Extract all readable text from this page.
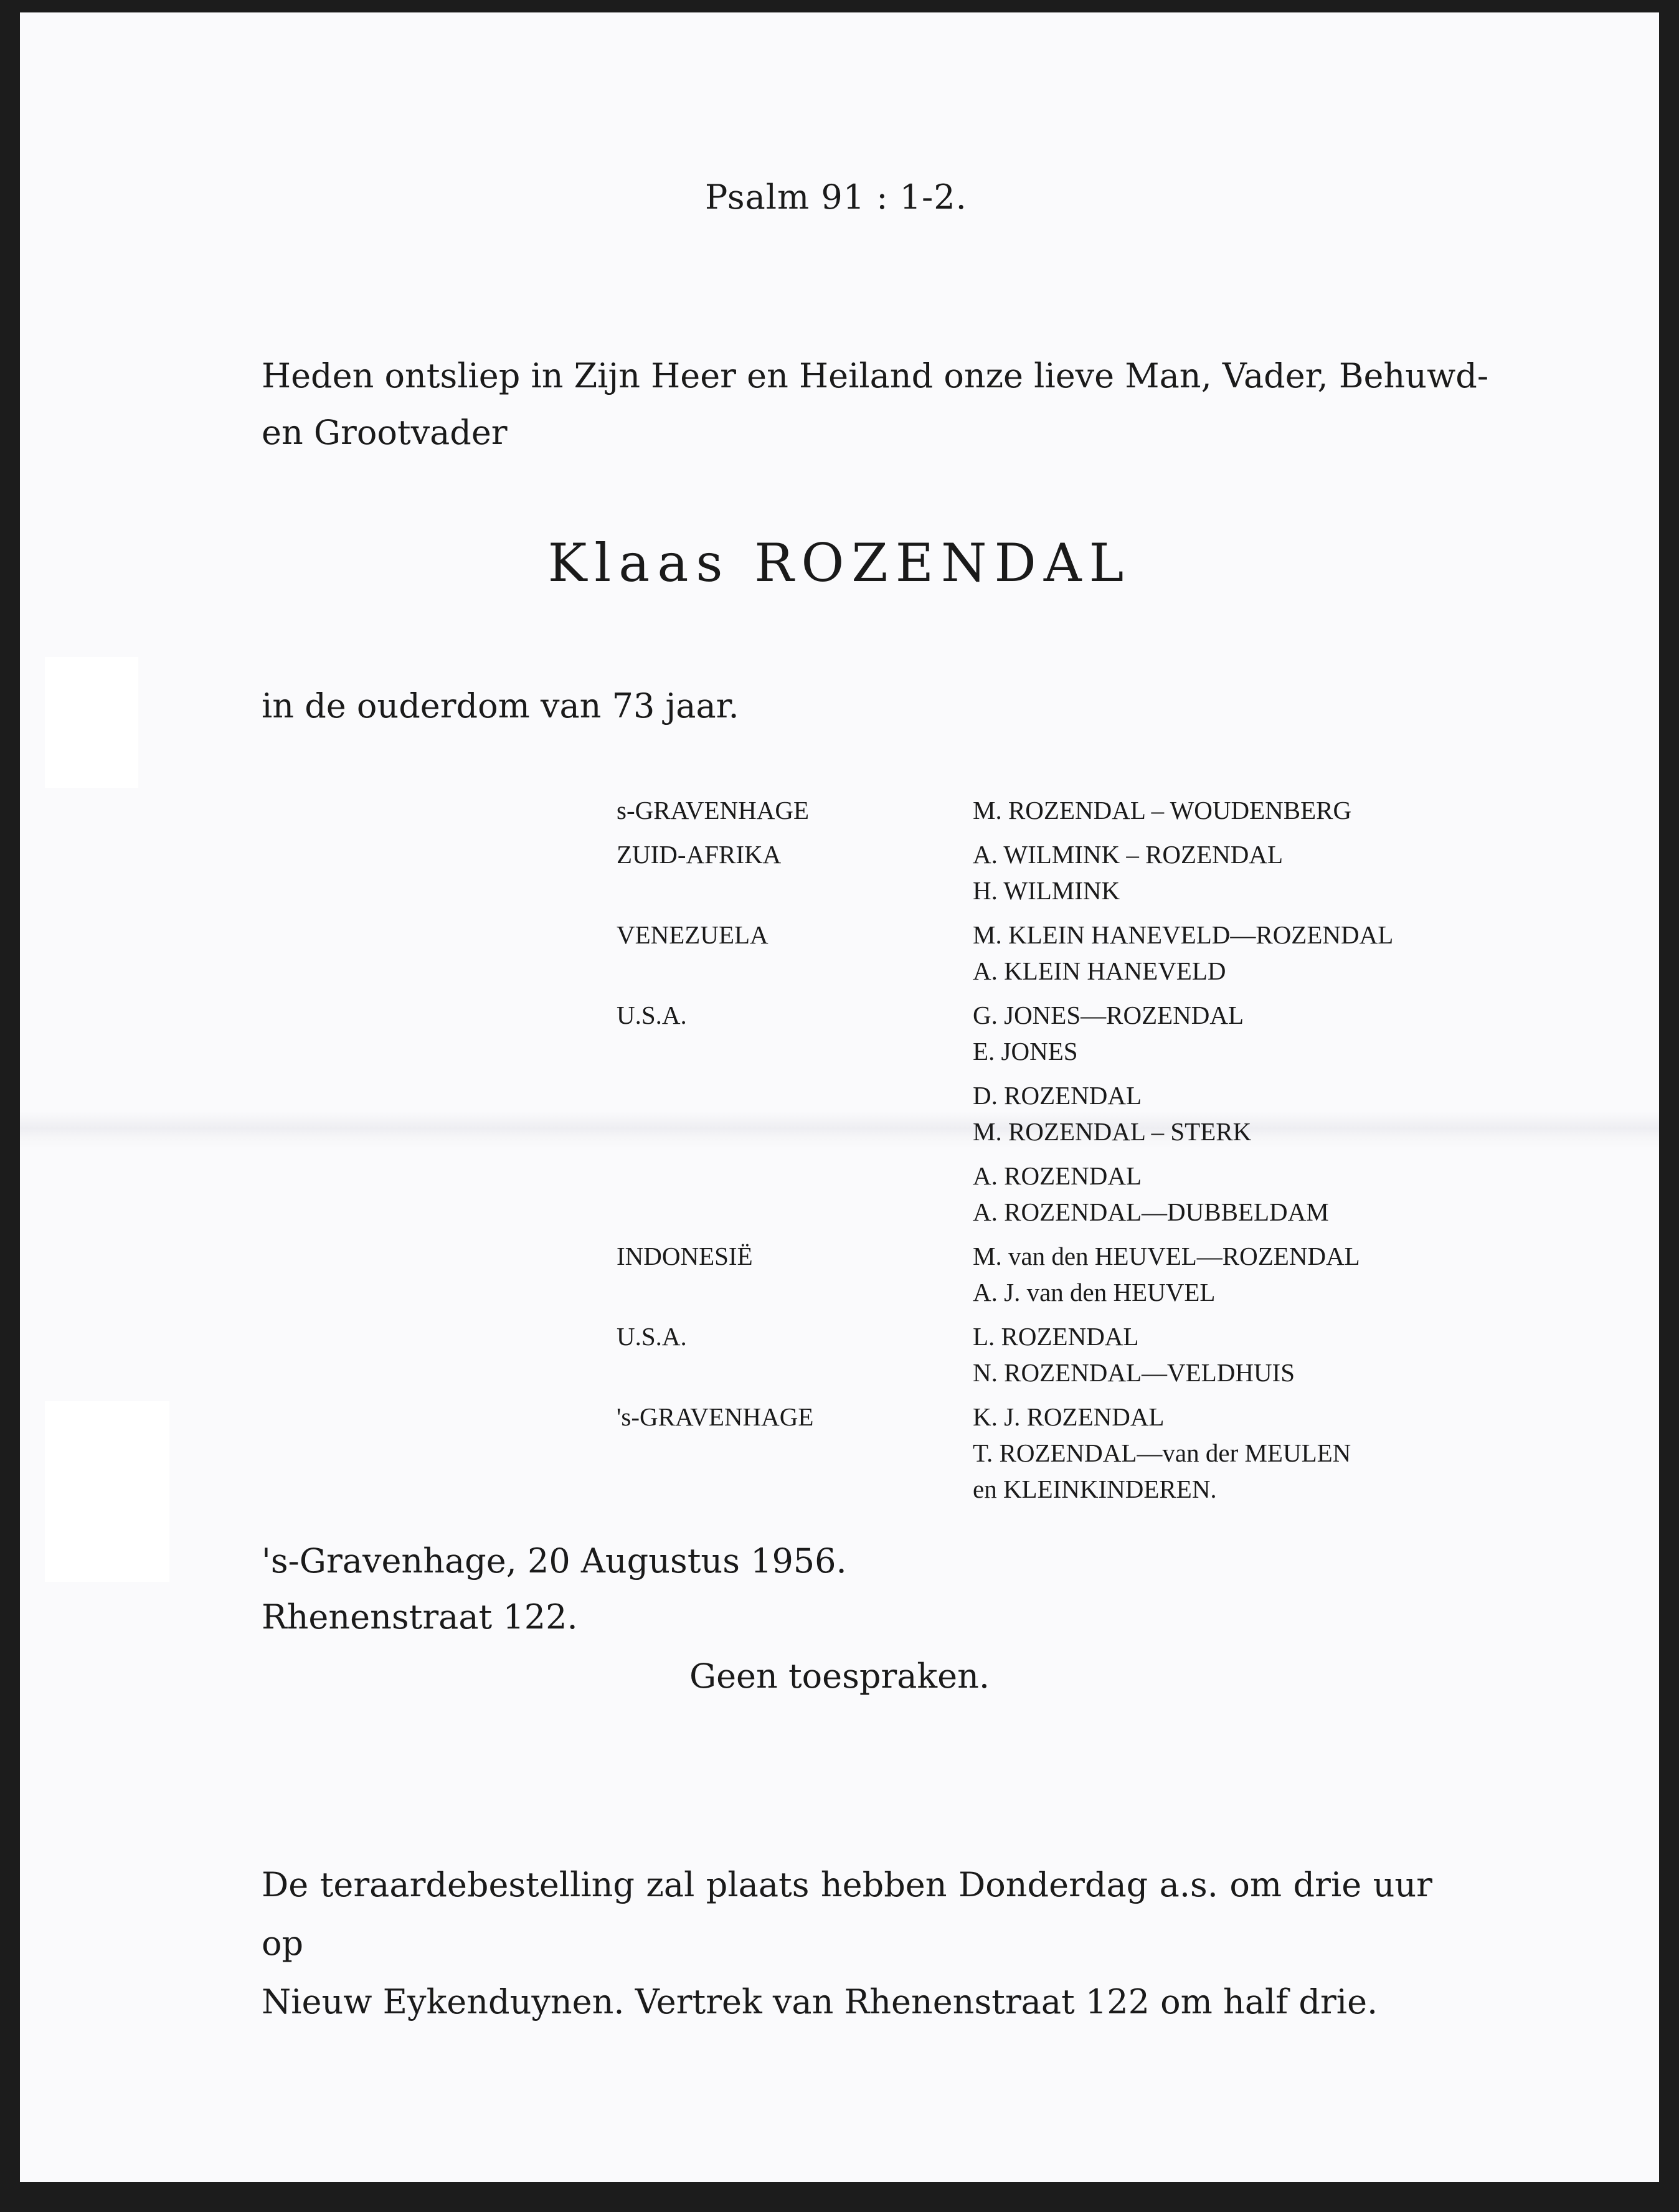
Psalm 91 : 1-2.
Heden ontsliep in Zijn Heer en Heiland onze lieve Man, Vader, Behuwd-
en Grootvader
Klaas ROZENDAL
in de ouderdom van 73 jaar.
s-GRAVENHAGE
ZUID-AFRIKA

VENEZUELA

U.S.A.

INDONESIË

U.S.A.

's-GRAVENHAGE

M. ROZENDAL – WOUDENBERG
A. WILMINK – ROZENDAL
H. WILMINK
M. KLEIN HANEVELD—ROZENDAL
A. KLEIN HANEVELD
G. JONES—ROZENDAL
E. JONES
D. ROZENDAL
M. ROZENDAL – STERK
A. ROZENDAL
A. ROZENDAL—DUBBELDAM
M. van den HEUVEL—ROZENDAL
A. J. van den HEUVEL
L. ROZENDAL
N. ROZENDAL—VELDHUIS
K. J. ROZENDAL
T. ROZENDAL—van der MEULEN
en KLEINKINDEREN.
's-Gravenhage, 20 Augustus 1956.
Rhenenstraat 122.
Geen toespraken.
De teraardebestelling zal plaats hebben Donderdag a.s. om drie uur op
Nieuw Eykenduynen. Vertrek van Rhenenstraat 122 om half drie.
